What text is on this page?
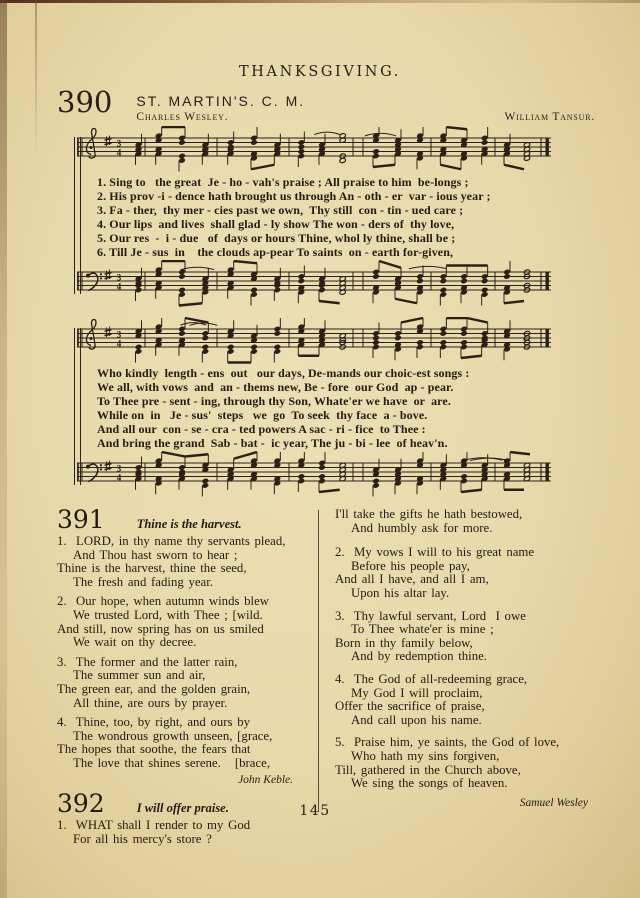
THANKSGIVING.
390 ST. MARTIN'S. C. M.
Charles Wesley.	William Tansur.
3
4
1. Sing to   the great  Je - ho - vah's praise ; All praise to him  be-longs ;
2. His prov -i - dence hath brought us through An - oth - er  var - ious year ;
3. Fa - ther,  thy mer - cies past we own,  Thy still  con - tin - ued care ;
4. Our lips  and lives  shall glad - ly show The won - ders of  thy love,
5. Our res  -  i - due   of  days or hours Thine, whol ly thine, shall be ;
6. Till Je - sus  in    the clouds ap-pear To saints  on - earth for-given,
3
4
3
4
Who kindly  length - ens  out   our days, De-mands our choic-est songs :
We all, with vows  and  an - thems new, Be - fore  our God  ap - pear.
To Thee pre - sent - ing, through thy Son, Whate'er we have  or  are.
While on  in   Je - sus'  steps   we  go  To seek  thy face  a - bove.
And all our  con - se - cra - ted powers A sac - ri - fice  to Thee :
And bring the grand  Sab - bat -  ic year, The ju - bi - lee  of heav'n.
3
4
391	Thine is the harvest.
1.  LORD, in thy name thy servants plead,
And Thou hast sworn to hear ;
Thine is the harvest, thine the seed,
The fresh and fading year.
2.  Our hope, when autumn winds blew
We trusted Lord, with Thee ; [wild.
And still, now spring has on us smiled
We wait on thy decree.
3.  The former and the latter rain,
The summer sun and air,
The green ear, and the golden grain,
All thine, are ours by prayer.
4.  Thine, too, by right, and ours by
The wondrous growth unseen, [grace,
The hopes that soothe, the fears that
The love that shines serene.   [brace,
John Keble.
392	I will offer praise.
1.  WHAT shall I render to my God
For all his mercy's store ?
I'll take the gifts he hath bestowed,
And humbly ask for more.
2.  My vows I will to his great name
Before his people pay,
And all I have, and all I am,
Upon his altar lay.
3.  Thy lawful servant, Lord  I owe
To Thee whate'er is mine ;
Born in thy family below,
And by redemption thine.
4.  The God of all-redeeming grace,
My God I will proclaim,
Offer the sacrifice of praise,
And call upon his name.
5.  Praise him, ye saints, the God of love,
Who hath my sins forgiven,
Till, gathered in the Church above,
We sing the songs of heaven.
Samuel Wesley
145
